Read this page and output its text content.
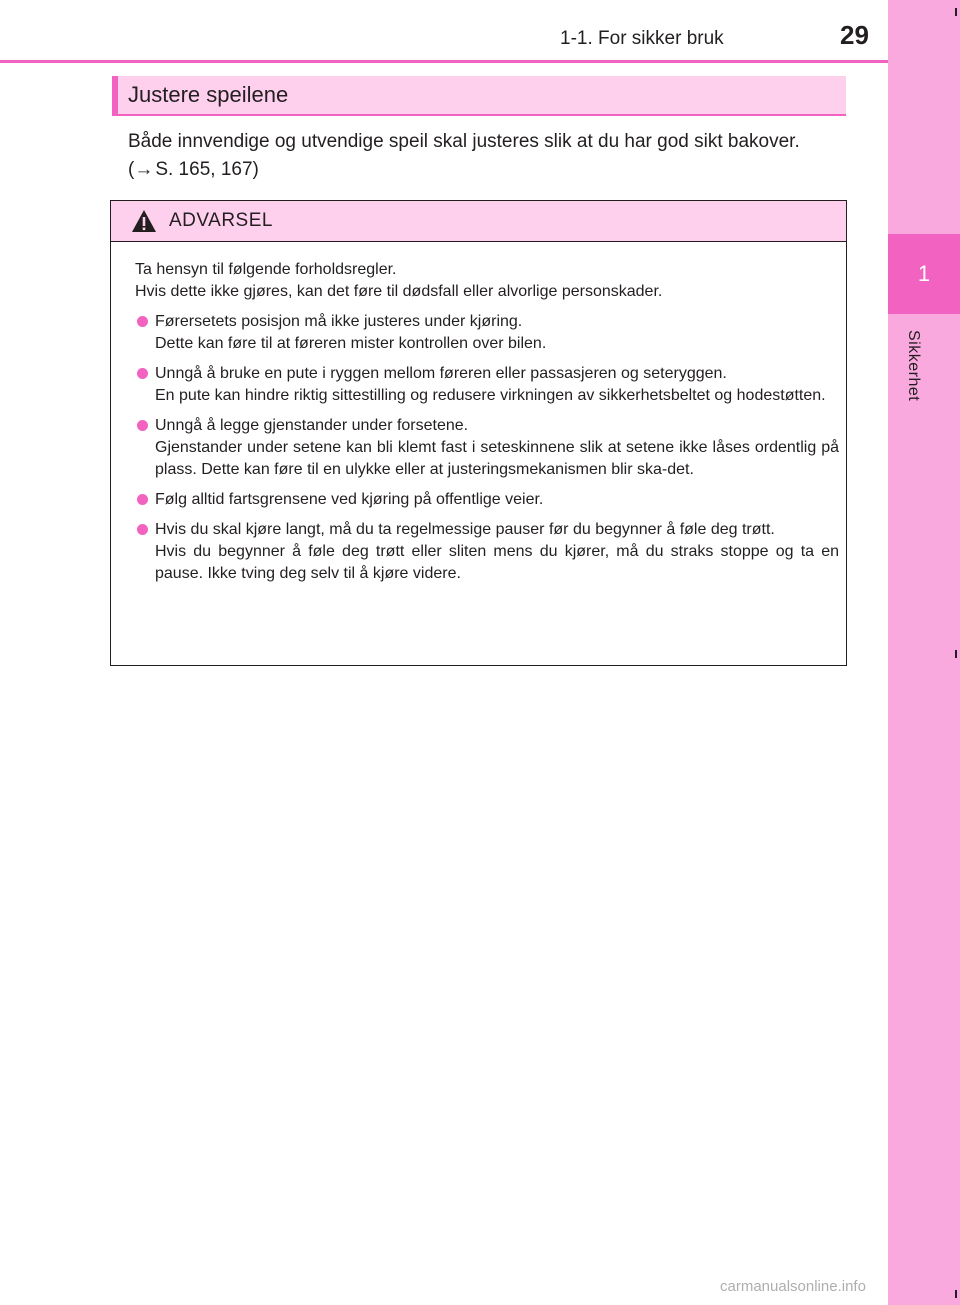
1
Sikkerhet
1-1. For sikker bruk	29
Justere speilene
Både innvendige og utvendige speil skal justeres slik at du har god sikt bakover.
(→ S. 165, 167)
ADVARSEL

Ta hensyn til følgende forholdsregler.

Hvis dette ikke gjøres, kan det føre til dødsfall eller alvorlige personskader.

Førersetets posisjon må ikke justeres under kjøring.
Dette kan føre til at føreren mister kontrollen over bilen.
Unngå å bruke en pute i ryggen mellom føreren eller passasjeren og seteryggen.
En pute kan hindre riktig sittestilling og redusere virkningen av sikkerhetsbeltet og hodestøtten.
Unngå å legge gjenstander under forsetene.
Gjenstander under setene kan bli klemt fast i seteskinnene slik at setene ikke låses ordentlig på plass. Dette kan føre til en ulykke eller at justeringsmekanismen blir ska-det.
Følg alltid fartsgrensene ved kjøring på offentlige veier.
Hvis du skal kjøre langt, må du ta regelmessige pauser før du begynner å føle deg trøtt.
Hvis du begynner å føle deg trøtt eller sliten mens du kjører, må du straks stoppe og ta en pause. Ikke tving deg selv til å kjøre videre.
carmanualsonline.info
